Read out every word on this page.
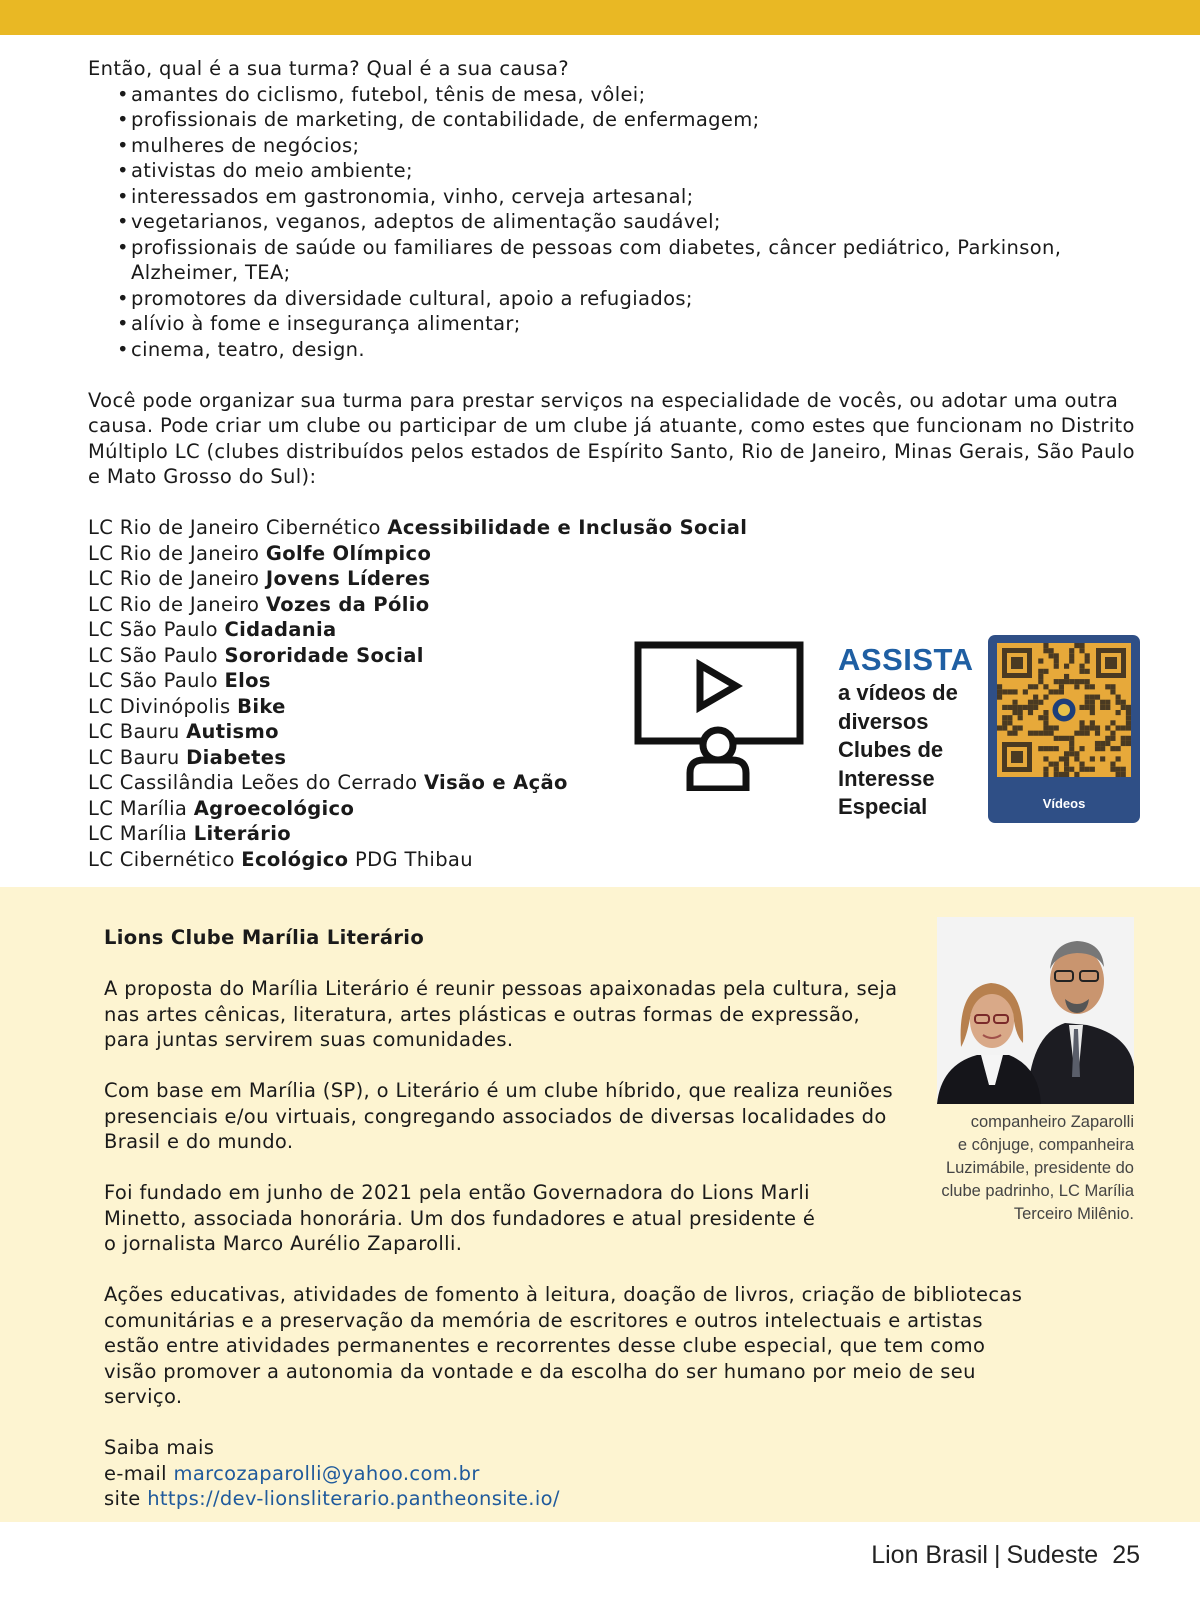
Então, qual é a sua turma? Qual é a sua causa?

• amantes do ciclismo, futebol, tênis de mesa, vôlei;
• profissionais de marketing, de contabilidade, de enfermagem;
• mulheres de negócios;
• ativistas do meio ambiente;
• interessados em gastronomia, vinho, cerveja artesanal;
• vegetarianos, veganos, adeptos de alimentação saudável;
• profissionais de saúde ou familiares de pessoas com diabetes, câncer pediátrico, Parkinson, Alzheimer, TEA;
• promotores da diversidade cultural, apoio a refugiados;
• alívio à fome e insegurança alimentar;
• cinema, teatro, design.

Você pode organizar sua turma para prestar serviços na especialidade de vocês, ou adotar uma outra causa. Pode criar um clube ou participar de um clube já atuante, como estes que funcionam no Distrito Múltiplo LC (clubes distribuídos pelos estados de Espírito Santo, Rio de Janeiro, Minas Gerais, São Paulo e Mato Grosso do Sul):

LC Rio de Janeiro Cibernético Acessibilidade e Inclusão Social
LC Rio de Janeiro Golfe Olímpico
LC Rio de Janeiro Jovens Líderes
LC Rio de Janeiro Vozes da Pólio
LC São Paulo Cidadania
LC São Paulo Sororidade Social
LC São Paulo Elos
LC Divinópolis Bike
LC Bauru Autismo
LC Bauru Diabetes
LC Cassilândia Leões do Cerrado Visão e Ação
LC Marília Agroecológico
LC Marília Literário
LC Cibernético Ecológico PDG Thibau
ASSISTA
a vídeos de
diversos
Clubes de
Interesse
Especial	Vídeos

Lions Clube Marília Literário

A proposta do Marília Literário é reunir pessoas apaixonadas pela cultura, seja nas artes cênicas, literatura, artes plásticas e outras formas de expressão, para juntas servirem suas comunidades.

Com base em Marília (SP), o Literário é um clube híbrido, que realiza reuniões presenciais e/ou virtuais, congregando associados de diversas localidades do Brasil e do mundo.

Foi fundado em junho de 2021 pela então Governadora do Lions Marli Minetto, associada honorária. Um dos fundadores e atual presidente é o jornalista Marco Aurélio Zaparolli.

Ações educativas, atividades de fomento à leitura, doação de livros, criação de bibliotecas comunitárias e a preservação da memória de escritores e outros intelectuais e artistas estão entre atividades permanentes e recorrentes desse clube especial, que tem como visão promover a autonomia da vontade e da escolha do ser humano por meio de seu serviço.

Saiba mais

e-mail marcozaparolli@yahoo.com.br

site https://dev-lionsliterario.pantheonsite.io/

companheiro Zaparolli
e cônjuge, companheira
Luzimábile, presidente do
clube padrinho, LC Marília
Terceiro Milênio.
Lion Brasil | Sudeste 25
